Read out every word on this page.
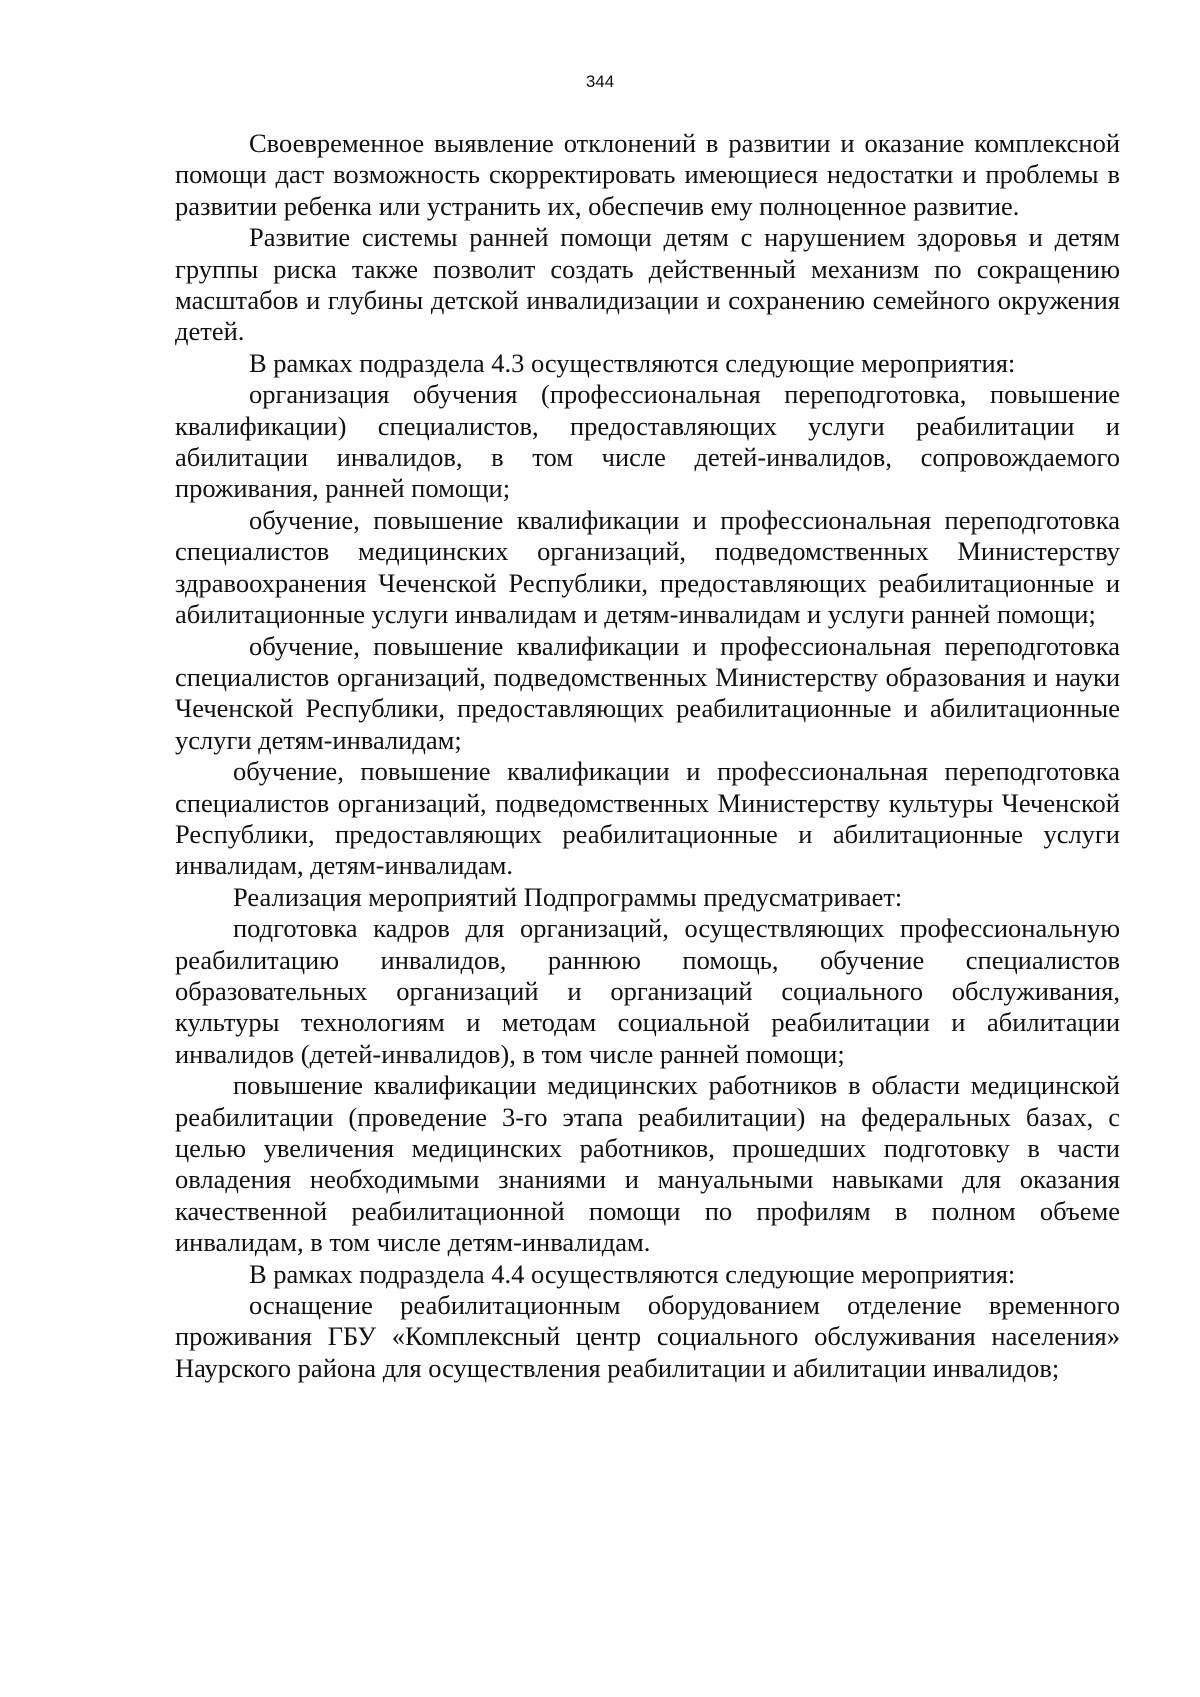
344

Своевременное выявление отклонений в развитии и оказание комплексной помощи даст возможность скорректировать имеющиеся недостатки и проблемы в развитии ребенка или устранить их, обеспечив ему полноценное развитие.

Развитие системы ранней помощи детям с нарушением здоровья и детям группы риска также позволит создать действенный механизм по сокращению масштабов и глубины детской инвалидизации и сохранению семейного окружения детей.

В рамках подраздела 4.3 осуществляются следующие мероприятия:

организация обучения (профессиональная переподготовка, повышение квалификации) специалистов, предоставляющих услуги реабилитации и абилитации инвалидов, в том числе детей-инвалидов, сопровождаемого проживания, ранней помощи;

обучение, повышение квалификации и профессиональная переподготовка специалистов медицинских организаций, подведомственных Министерству здравоохранения Чеченской Республики, предоставляющих реабилитационные и абилитационные услуги инвалидам и детям-инвалидам и услуги ранней помощи;

обучение, повышение квалификации и профессиональная переподготовка специалистов организаций, подведомственных Министерству образования и науки Чеченской Республики, предоставляющих реабилитационные и абилитационные услуги детям-инвалидам;

обучение, повышение квалификации и профессиональная переподготовка специалистов организаций, подведомственных Министерству культуры Чеченской Республики, предоставляющих реабилитационные и абилитационные услуги инвалидам, детям-инвалидам.

Реализация мероприятий Подпрограммы предусматривает:

подготовка кадров для организаций, осуществляющих профессиональную реабилитацию инвалидов, раннюю помощь, обучение специалистов образовательных организаций и организаций социального обслуживания, культуры технологиям и методам социальной реабилитации и абилитации инвалидов (детей-инвалидов), в том числе ранней помощи;

повышение квалификации медицинских работников в области медицинской реабилитации (проведение 3-го этапа реабилитации) на федеральных базах, с целью увеличения медицинских работников, прошедших подготовку в части овладения необходимыми знаниями и мануальными навыками для оказания качественной реабилитационной помощи по профилям в полном объеме инвалидам, в том числе детям-инвалидам.

В рамках подраздела 4.4 осуществляются следующие мероприятия:

оснащение реабилитационным оборудованием отделение временного проживания ГБУ «Комплексный центр социального обслуживания населения» Наурского района для осуществления реабилитации и абилитации инвалидов;
